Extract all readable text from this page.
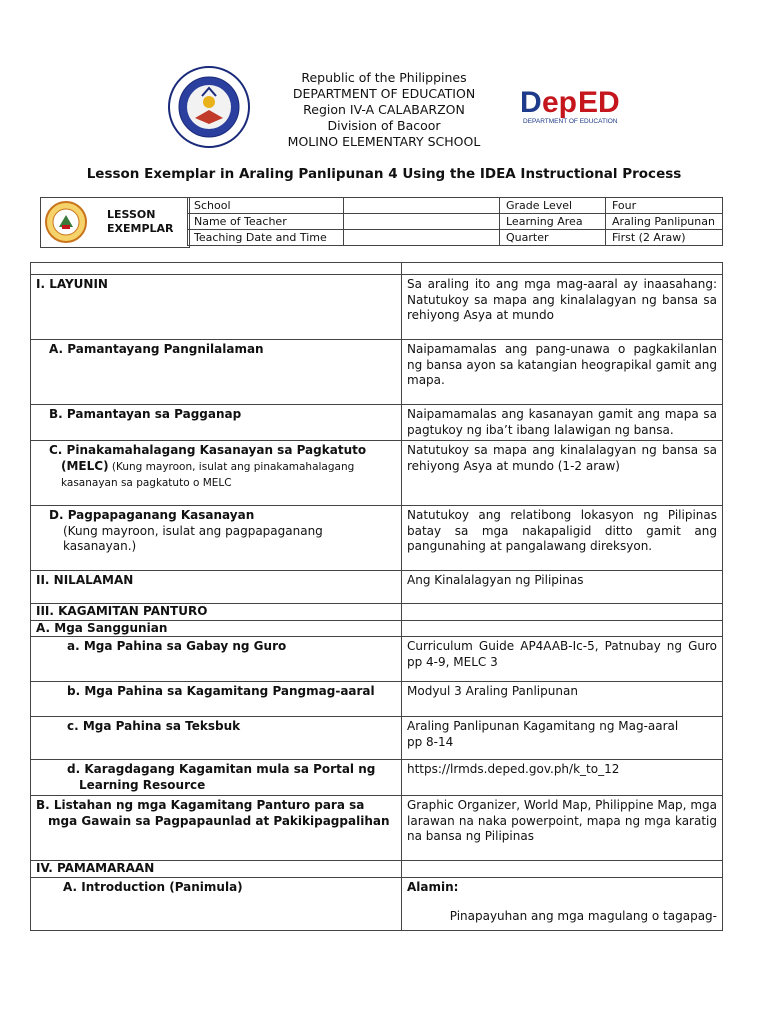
Republic of the Philippines
DEPARTMENT OF EDUCATION
Region IV-A CALABARZON
Division of Bacoor
MOLINO ELEMENTARY SCHOOL
D ep ED
DEPARTMENT OF EDUCATION
Lesson Exemplar in Araling Panlipunan 4 Using the IDEA Instructional Process
LESSON
EXEMPLAR
School		Grade Level	Four
Name of Teacher		Learning Area	Araling Panlipunan
Teaching Date and Time		Quarter	First (2 Araw)

I. LAYUNIN	Sa araling ito ang mga mag-aaral ay inaasahang: Natutukoy sa mapa ang kinalalagyan ng bansa sa rehiyong Asya at mundo
A. Pamantayang Pangnilalaman	Naipamamalas ang pang-unawa o pagkakilanlan ng bansa ayon sa katangian heograpikal gamit ang mapa.
B. Pamantayan sa Pagganap	Naipamamalas ang kasanayan gamit ang mapa sa pagtukoy ng iba’t ibang lalawigan ng bansa.

C. Pinakamahalagang Kasanayan sa Pagkatuto (MELC) (Kung mayroon, isulat ang pinakamahalagang kasanayan sa pagkatuto o MELC	Natutukoy sa mapa ang kinalalagyan ng bansa sa rehiyong Asya at mundo (1-2 araw)

D. Pagpapaganang Kasanayan
(Kung mayroon, isulat ang pagpapaganang kasanayan.)	Natutukoy ang relatibong lokasyon ng Pilipinas batay sa mga nakapaligid ditto gamit ang pangunahing at pangalawang direksyon.
II. NILALAMAN	Ang Kinalalagyan ng Pilipinas
III. KAGAMITAN PANTURO	
A. Mga Sanggunian	
a. Mga Pahina sa Gabay ng Guro	Curriculum Guide AP4AAB-Ic-5, Patnubay ng Guro pp 4-9, MELC 3

b. Mga Pahina sa Kagamitang Pangmag-aaral	Modyul 3 Araling Panlipunan
c. Mga Pahina sa Teksbuk	Araling Panlipunan Kagamitang ng Mag-aaral
pp 8-14

d. Karagdagang Kagamitan mula sa Portal ng Learning Resource	https://lrmds.deped.gov.ph/k_to_12

B. Listahan ng mga Kagamitang Panturo para sa mga Gawain sa Pagpapaunlad at Pakikipagpalihan	Graphic Organizer, World Map, Philippine Map, mga larawan na naka powerpoint, mapa ng mga karatig na bansa ng Pilipinas
IV. PAMAMARAAN	
A. Introduction (Panimula)	Alamin:
Pinapayuhan ang mga magulang o tagapag-
